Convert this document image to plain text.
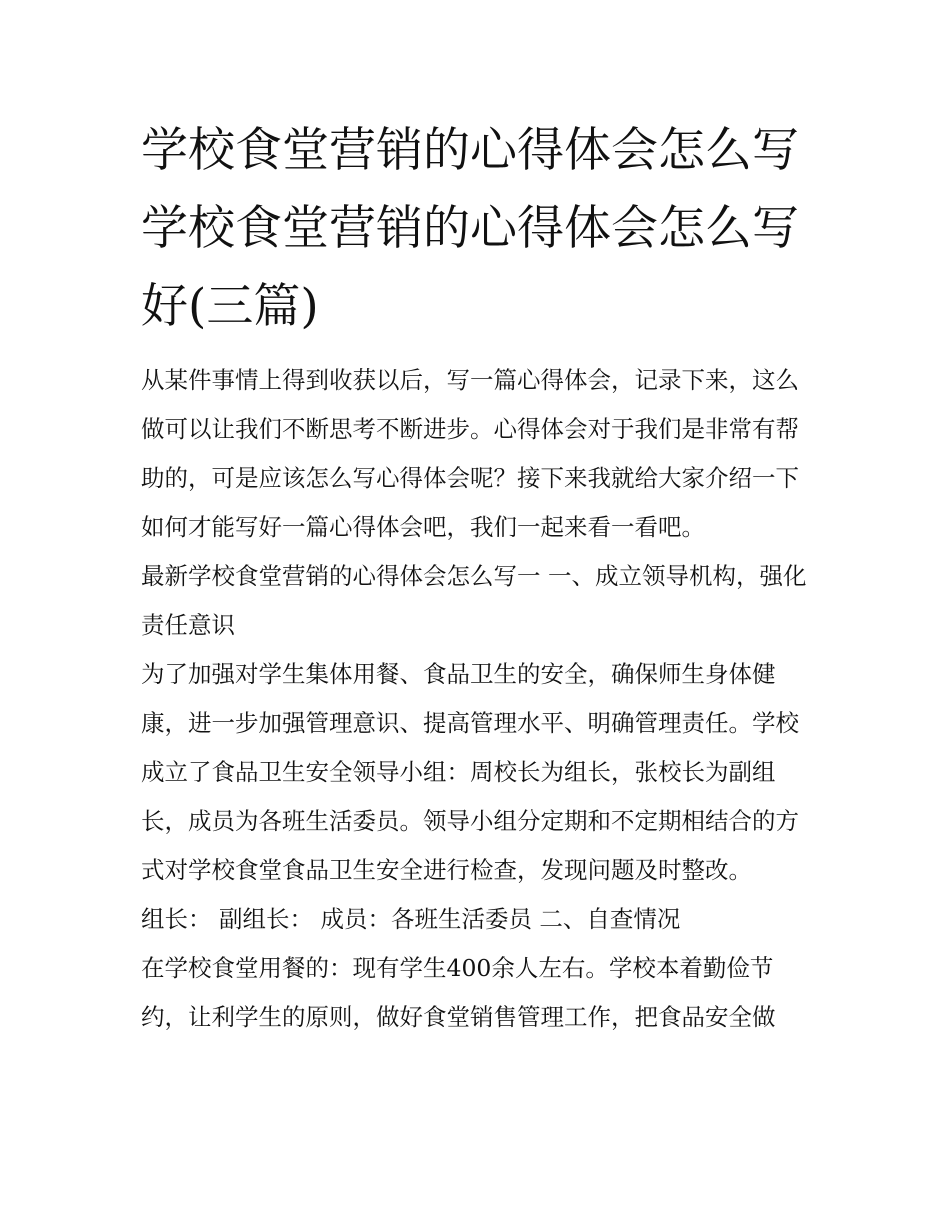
学校食堂营销的心得体会怎么写 学校食堂营销的心得体会怎么写好(三篇)

从某件事情上得到收获以后，写一篇心得体会，记录下来，这么做可以让我们不断思考不断进步。心得体会对于我们是非常有帮助的，可是应该怎么写心得体会呢？接下来我就给大家介绍一下如何才能写好一篇心得体会吧，我们一起来看一看吧。

最新学校食堂营销的心得体会怎么写一 一、成立领导机构，强化责任意识

为了加强对学生集体用餐、食品卫生的安全，确保师生身体健康，进一步加强管理意识、提高管理水平、明确管理责任。学校成立了食品卫生安全领导小组：周校长为组长，张校长为副组长，成员为各班生活委员。领导小组分定期和不定期相结合的方式对学校食堂食品卫生安全进行检查，发现问题及时整改。

组长： 副组长： 成员：各班生活委员 二、自查情况

在学校食堂用餐的：现有学生400余人左右。学校本着勤俭节约，让利学生的原则，做好食堂销售管理工作，把食品安全做
